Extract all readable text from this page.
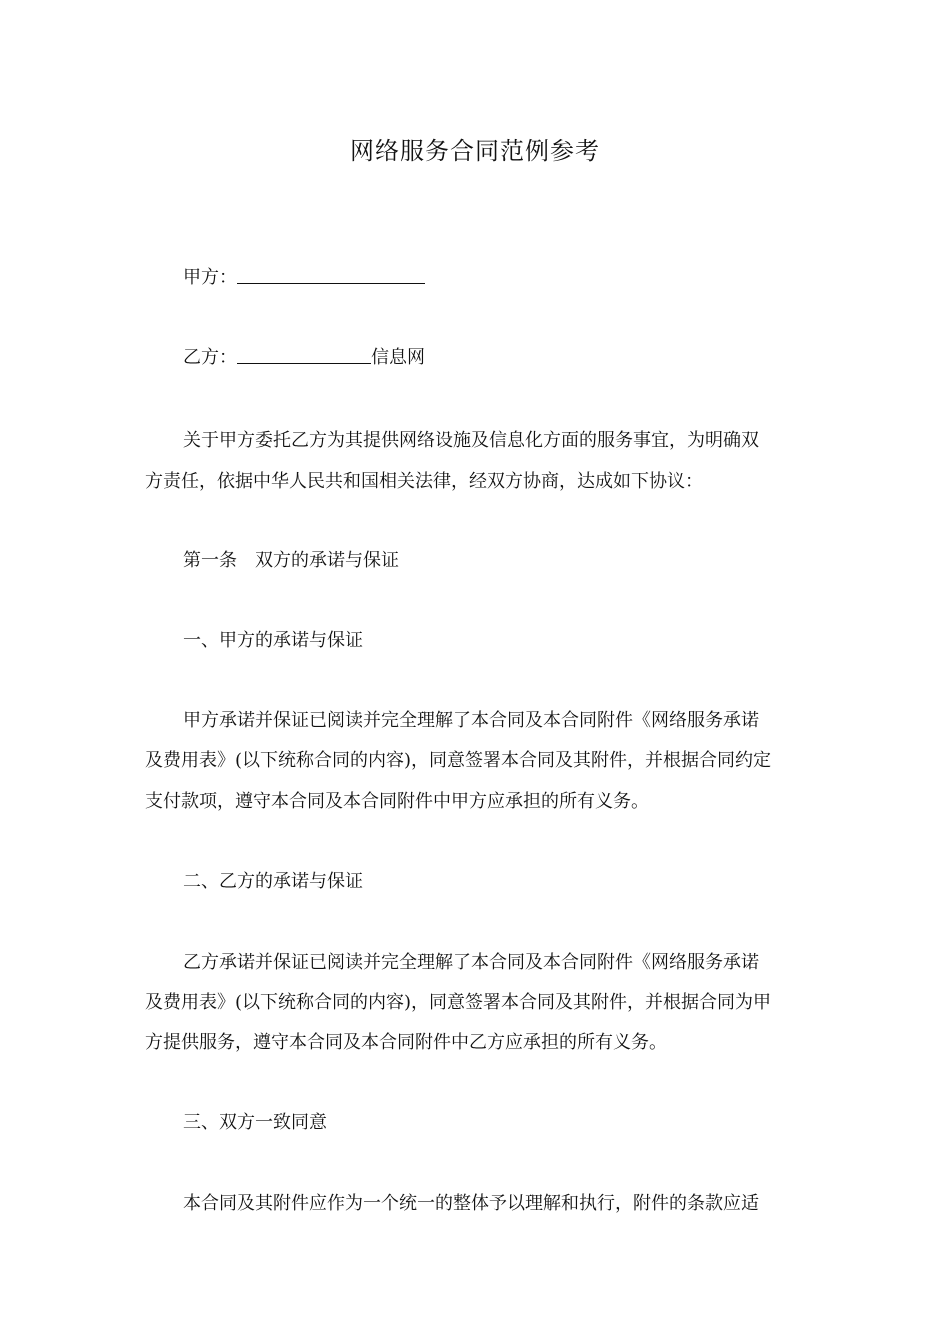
网络服务合同范例参考
甲方：
乙方：	信息网
关于甲方委托乙方为其提供网络设施及信息化方面的服务事宜，为明确双
方责任，依据中华人民共和国相关法律，经双方协商，达成如下协议：
第一条 双方的承诺与保证
一、甲方的承诺与保证
甲方承诺并保证已阅读并完全理解了本合同及本合同附件《网络服务承诺
及费用表》(以下统称合同的内容)，同意签署本合同及其附件，并根据合同约定
支付款项，遵守本合同及本合同附件中甲方应承担的所有义务。
二、乙方的承诺与保证
乙方承诺并保证已阅读并完全理解了本合同及本合同附件《网络服务承诺
及费用表》(以下统称合同的内容)，同意签署本合同及其附件，并根据合同为甲
方提供服务，遵守本合同及本合同附件中乙方应承担的所有义务。
三、双方一致同意
本合同及其附件应作为一个统一的整体予以理解和执行，附件的条款应适
